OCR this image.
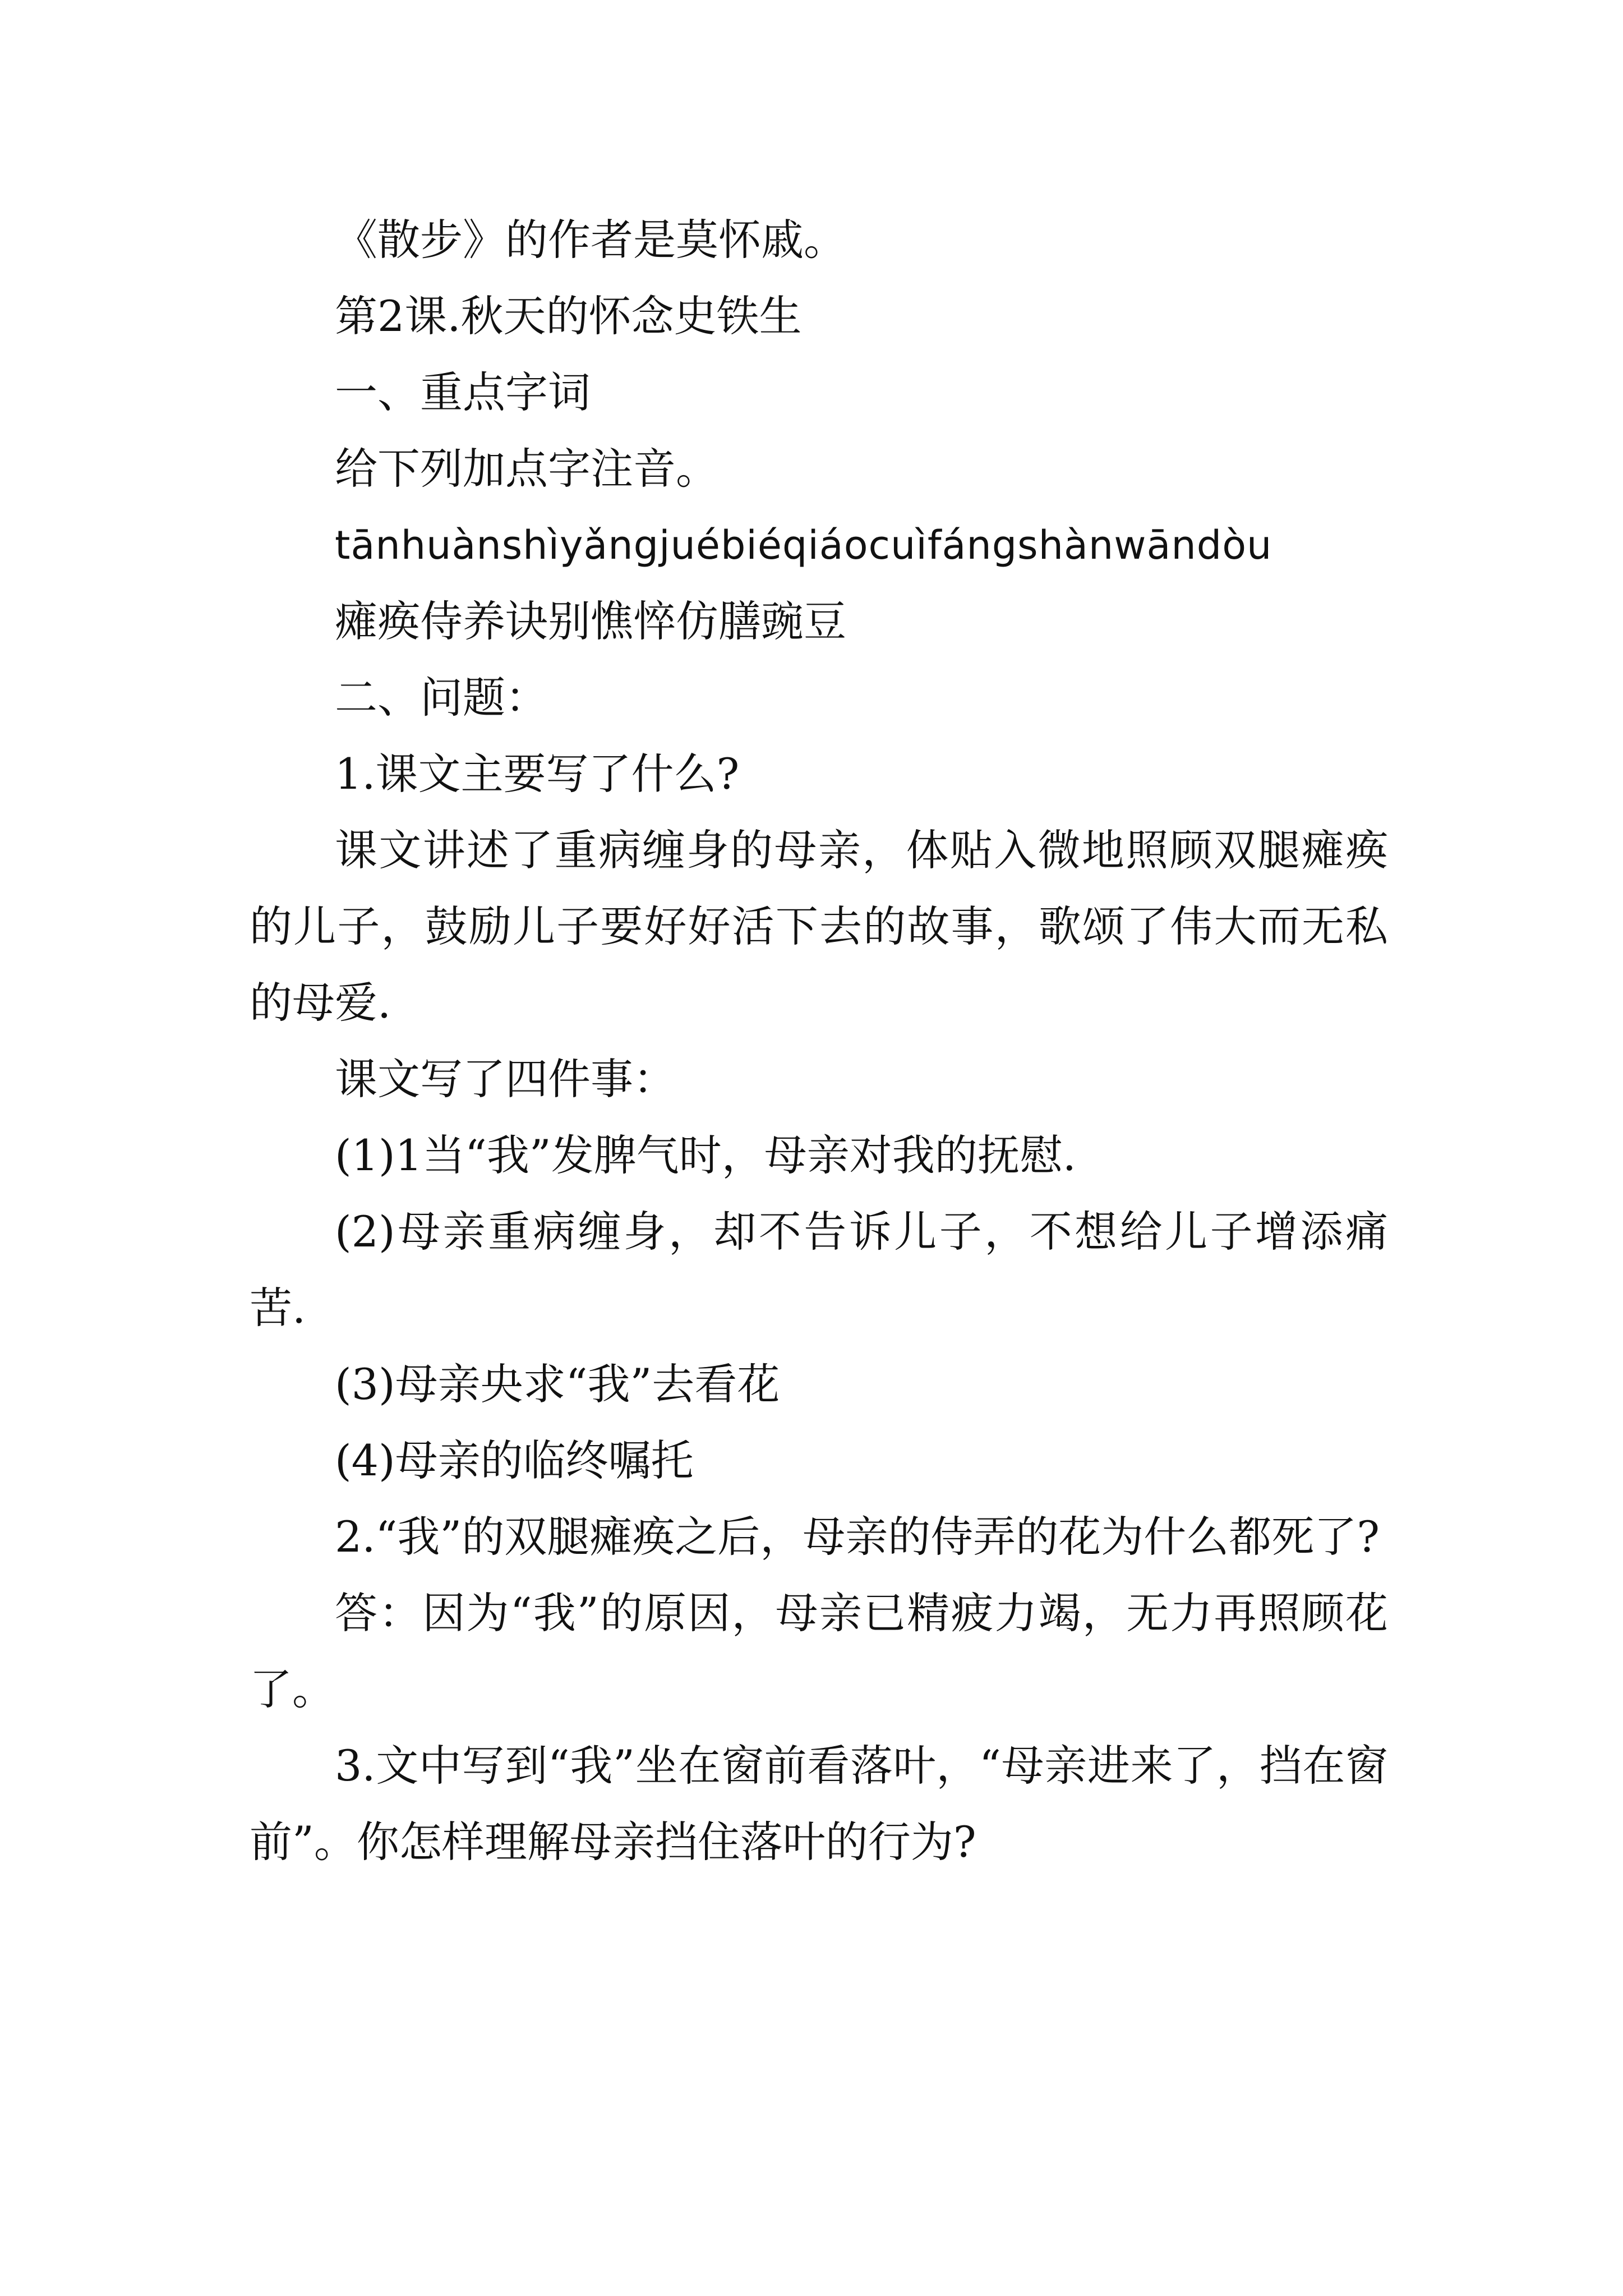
《散步》的作者是莫怀戚。

第2课.秋天的怀念史铁生

一、重点字词

给下列加点字注音。

tānhuànshìyǎngjuébiéqiáocuìfángshànwāndòu

瘫痪侍养诀别憔悴仿膳豌豆

二、问题：

1.课文主要写了什么?

课文讲述了重病缠身的母亲，体贴入微地照顾双腿瘫痪的儿子，鼓励儿子要好好活下去的故事，歌颂了伟大而无私的母爱.

课文写了四件事：

(1)1当“我”发脾气时，母亲对我的抚慰.

(2)母亲重病缠身，却不告诉儿子，不想给儿子增添痛苦.

(3)母亲央求“我”去看花

(4)母亲的临终嘱托

2.“我”的双腿瘫痪之后，母亲的侍弄的花为什么都死了?

答：因为“我”的原因，母亲已精疲力竭，无力再照顾花了。

3.文中写到“我”坐在窗前看落叶，“母亲进来了，挡在窗前”。你怎样理解母亲挡住落叶的行为?
